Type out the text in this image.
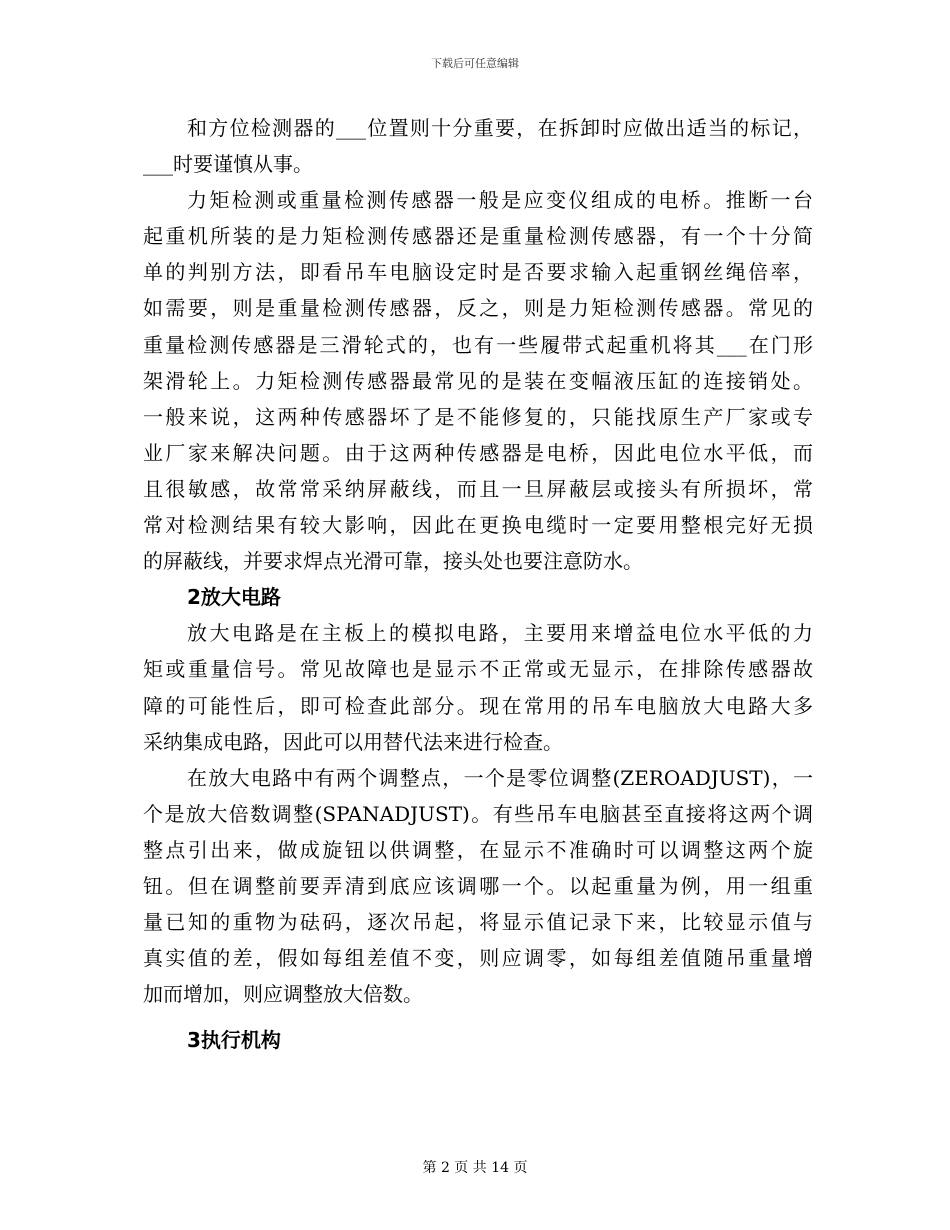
下载后可任意编辑
和方位检测器的___位置则十分重要，在拆卸时应做出适当的标记，
___时要谨慎从事。
力矩检测或重量检测传感器一般是应变仪组成的电桥。推断一台
起重机所装的是力矩检测传感器还是重量检测传感器，有一个十分简
单的判别方法，即看吊车电脑设定时是否要求输入起重钢丝绳倍率，
如需要，则是重量检测传感器，反之，则是力矩检测传感器。常见的
重量检测传感器是三滑轮式的，也有一些履带式起重机将其___在门形
架滑轮上。力矩检测传感器最常见的是装在变幅液压缸的连接销处。
一般来说，这两种传感器坏了是不能修复的，只能找原生产厂家或专
业厂家来解决问题。由于这两种传感器是电桥，因此电位水平低，而
且很敏感，故常常采纳屏蔽线，而且一旦屏蔽层或接头有所损坏，常
常对检测结果有较大影响，因此在更换电缆时一定要用整根完好无损
的屏蔽线，并要求焊点光滑可靠，接头处也要注意防水。
2放大电路
放大电路是在主板上的模拟电路，主要用来增益电位水平低的力
矩或重量信号。常见故障也是显示不正常或无显示，在排除传感器故
障的可能性后，即可检查此部分。现在常用的吊车电脑放大电路大多
采纳集成电路，因此可以用替代法来进行检查。
在放大电路中有两个调整点，一个是零位调整(ZEROADJUST)，一
个是放大倍数调整(SPANADJUST)。有些吊车电脑甚至直接将这两个调
整点引出来，做成旋钮以供调整，在显示不准确时可以调整这两个旋
钮。但在调整前要弄清到底应该调哪一个。以起重量为例，用一组重
量已知的重物为砝码，逐次吊起，将显示值记录下来，比较显示值与
真实值的差，假如每组差值不变，则应调零，如每组差值随吊重量增
加而增加，则应调整放大倍数。
3执行机构
第 2 页 共 14 页
